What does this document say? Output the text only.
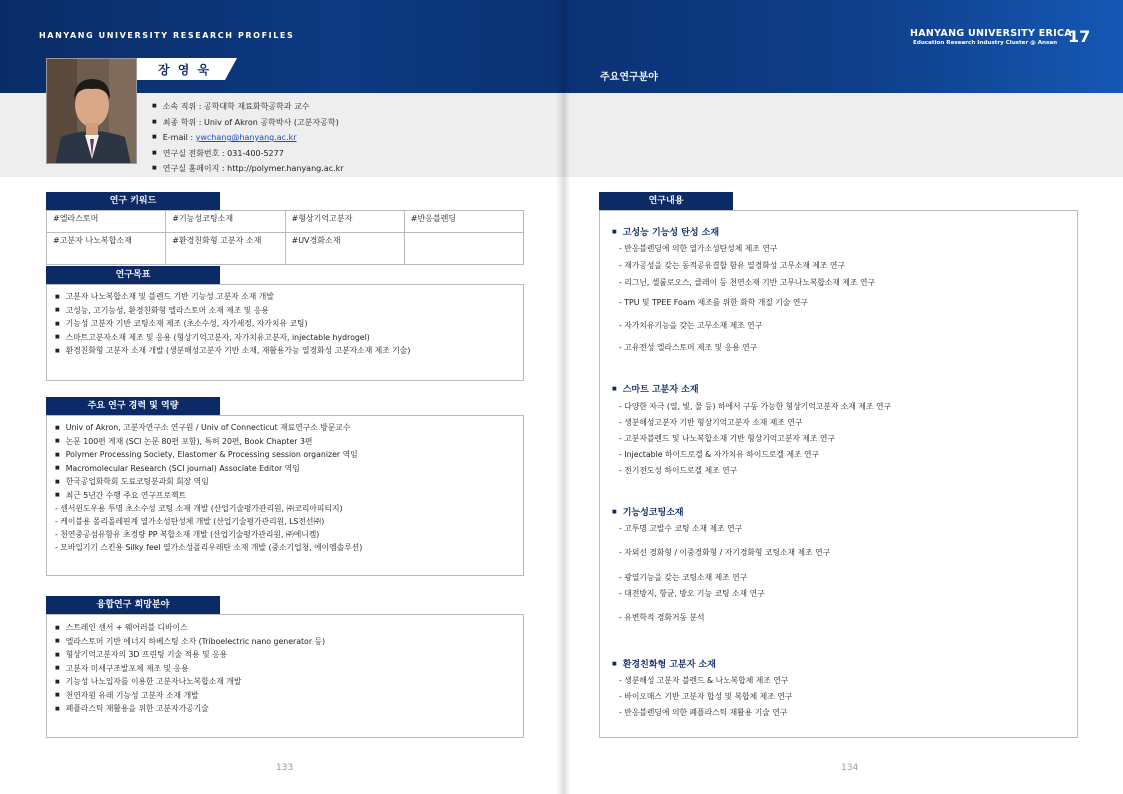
HANYANG UNIVERSITY RESEARCH PROFILES
장 영 욱
■ 소속 직위 : 공학대학 재료화학공학과 교수
■ 최종 학위 : Univ of Akron 공학박사 (고분자공학)
■ E-mail : ywchang@hanyang.ac.kr
■ 연구실 전화번호 : 031-400-5277
■ 연구실 홈페이지 : http://polymer.hanyang.ac.kr
연구 키워드
#엘라스토머	#기능성코팅소재	#형상기억고분자	#반응블렌딩
#고분자 나노복합소재	#환경친화형 고분자 소재	#UV경화소재	
연구목표
■ 고분자 나노복합소재 및 블렌드 기반 기능성 고분자 소재 개발
■ 고성능, 고기능성, 환경친화형 엘라스토머 소재 제조 및 응용
■ 기능성 고분자 기반 코팅소재 제조 (초소수성, 자가세정, 자가치유 코팅)
■ 스마트고분자소재 제조 및 응용 (형상기억고분자, 자가치유고분자, injectable hydrogel)
■ 환경친화형 고분자 소재 개발 (생분해성고분자 기반 소재, 재활용가능 열경화성 고분자소재 제조 기술)
주요 연구 경력 및 역량
■ Univ of Akron, 고분자연구소 연구원 / Univ of Connecticut 재료연구소 방문교수
■ 논문 100편 게재 (SCI 논문 80편 포함), 특허 20편, Book Chapter 3편
■ Polymer Processing Society, Elastomer & Processing session organizer 역임
■ Macromolecular Research (SCI journal) Associate Editor 역임
■ 한국공업화학회 도료코팅분과회 회장 역임
■ 최근 5년간 수행 주요 연구프로젝트
- 센서윈도우용 투명 초소수성 코팅 소재 개발 (산업기술평가관리원, ㈜코리아피티지)
- 케이블용 폴리올레핀계 열가소성탄성체 개발 (산업기술평가관리원, LS전선㈜)
- 천연중공섬유함유 초경량 PP 복합소재 개발 (산업기술평가관리원, ㈜에니켐)
- 모바일기기 스킨용 Silky feel 열가소성폴리우레탄 소재 개발 (중소기업청, 에이엠솔루션)
융합연구 희망분야
■ 스트레인 센서 + 웨어러블 디바이스
■ 엘라스토머 기반 에너지 하베스팅 소자 (Triboelectric nano generator 등)
■ 형상기억고분자의 3D 프린팅 기술 적용 및 응용
■ 고분자 미세구조발포체 제조 및 응용
■ 기능성 나노입자를 이용한 고분자나노복합소재 개발
■ 천연자원 유래 기능성 고분자 소재 개발
■ 폐플라스틱 재활용을 위한 고분자가공기술
133
주요연구분야
HANYANG UNIVERSITY ERICA
Education Research Industry Cluster @ Ansan 17
연구내용
■ 고성능 기능성 탄성 소재
- 반응블렌딩에 의한 열가소성탄성체 제조 연구
- 재가공성을 갖는 동적공유결합 함유 열경화성 고무소재 제조 연구
- 리그닌, 셀룰로오스, 클레이 등 천연소재 기반 고무나노복합소재 제조 연구
- TPU 및 TPEE Foam 제조를 위한 화학 개질 기술 연구
- 자가치유기능을 갖는 고무소재 제조 연구
- 고유전성 엘라스토머 제조 및 응용 연구
■ 스마트 고분자 소재
- 다양한 자극 (열, 빛, 물 등) 하에서 구동 가능한 형상기억고분자 소재 제조 연구
- 생분해성고분자 기반 형상기억고분자 소재 제조 연구
- 고분자블렌드 및 나노복합소재 기반 형상기억고분자 제조 연구
- Injectable 하이드로겔 & 자가치유 하이드로겔 제조 연구
- 전기전도성 하이드로겔 제조 연구
■ 기능성코팅소재
- 고투명 고발수 코팅 소재 제조 연구
- 자외선 경화형 / 이중경화형 / 자기경화형 코팅소재 제조 연구
- 광열기능을 갖는 코팅소재 제조 연구
- 대전방지, 항균, 방오 기능 코팅 소재 연구
- 유변학적 경화거동 분석
■ 환경친화형 고분자 소재
- 생분해성 고분자 블렌드 & 나노복합체 제조 연구
- 바이오매스 기반 고분자 합성 및 복합체 제조 연구
- 반응블렌딩에 의한 폐플라스틱 재활용 기술 연구
134
